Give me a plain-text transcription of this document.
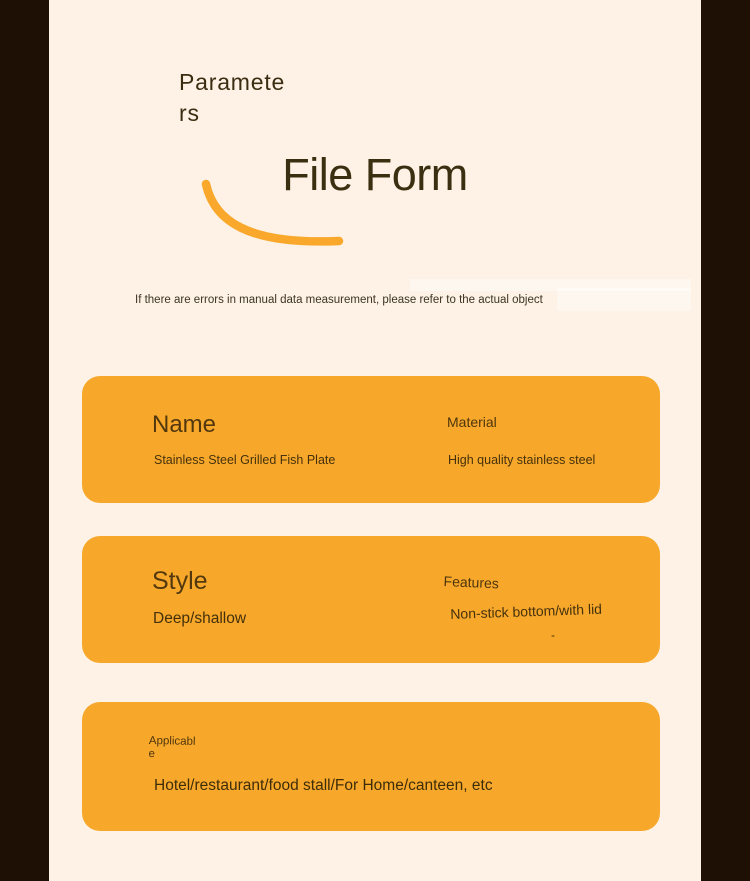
Paramete
rs
File Form
If there are errors in manual data measurement, please refer to the actual object
Name
Stainless Steel Grilled Fish Plate
Material
High quality stainless steel
Style
Deep/shallow
Features
Non-stick bottom/with lid
-
Applicabl

e
Hotel/restaurant/food stall/For Home/canteen, etc
